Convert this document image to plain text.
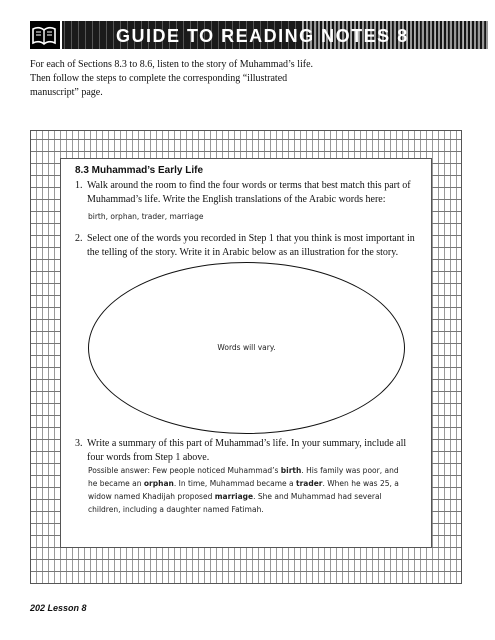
GUIDE TO READING NOTES 8

For each of Sections 8.3 to 8.6, listen to the story of Muhammad’s life. Then follow the steps to complete the corresponding “illustrated manuscript” page.

8.3 Muhammad’s Early Life
1. Walk around the room to find the four words or terms that best match this part of Muhammad’s life. Write the English translations of the Arabic words here:

birth, orphan, trader, marriage

2. Select one of the words you recorded in Step 1 that you think is most important in the telling of the story. Write it in Arabic below as an illustration for the story.
Words will vary.
3. Write a summary of this part of Muhammad’s life. In your summary, include all four words from Step 1 above.

Possible answer: Few people noticed Muhammad’s birth. His family was poor, and he became an orphan. In time, Muhammad became a trader. When he was 25, a widow named Khadijah proposed marriage. She and Muhammad had several children, including a daughter named Fatimah.

202 Lesson 8
